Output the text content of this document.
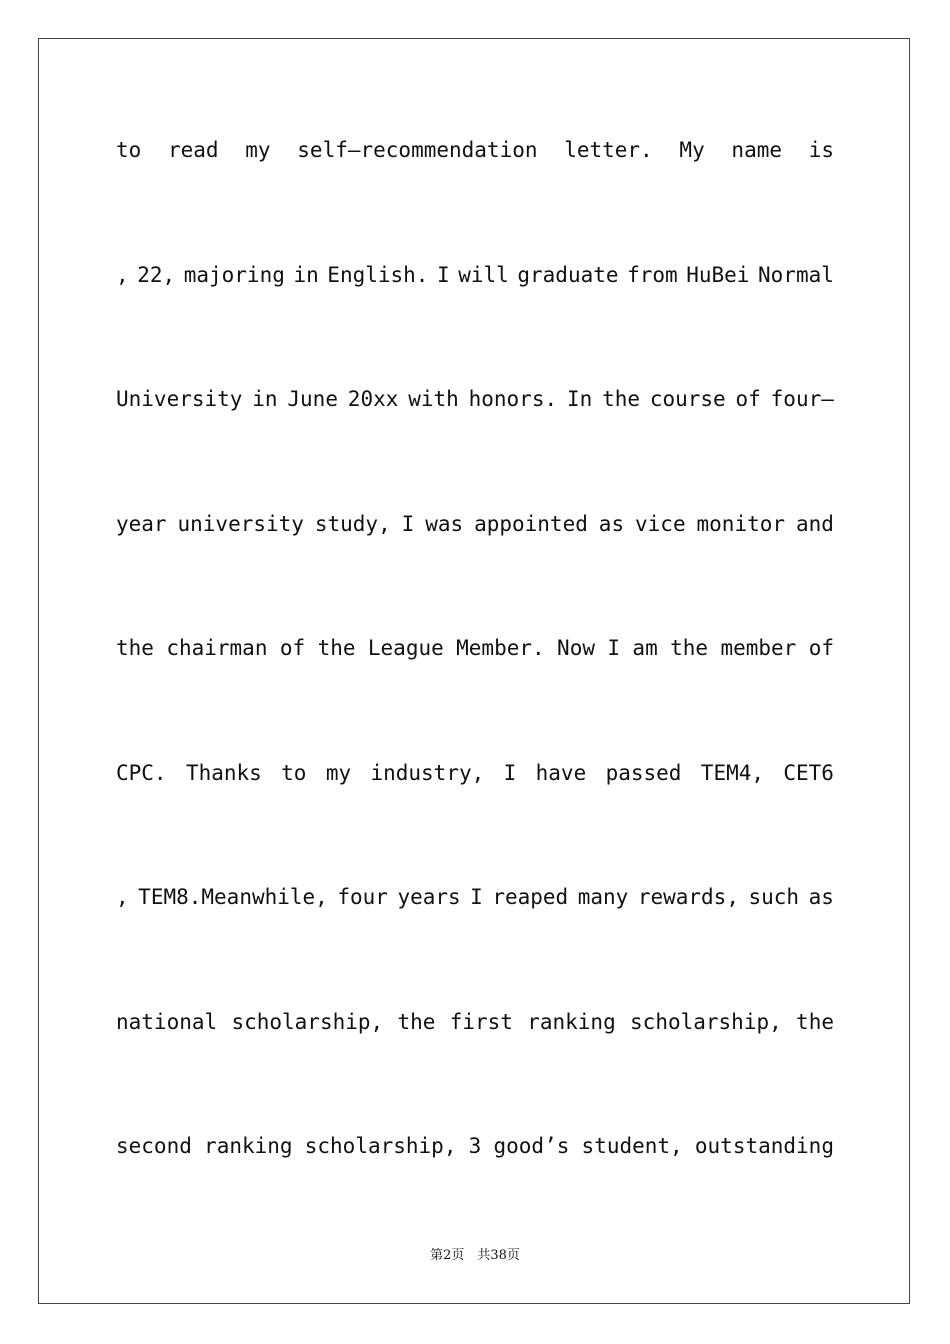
to read my self—recommendation letter. My name is
, 22, majoring in English. I will graduate from HuBei Normal
University in June 20xx with honors. In the course of four—
year university study, I was appointed as vice monitor and
the chairman of the League Member. Now I am the member of
CPC. Thanks to my industry, I have passed TEM4, CET6
, TEM8.Meanwhile, four years I reaped many rewards, such as
national scholarship, the first ranking scholarship, the
second ranking scholarship, 3 good’s student, outstanding
第2页　共38页
